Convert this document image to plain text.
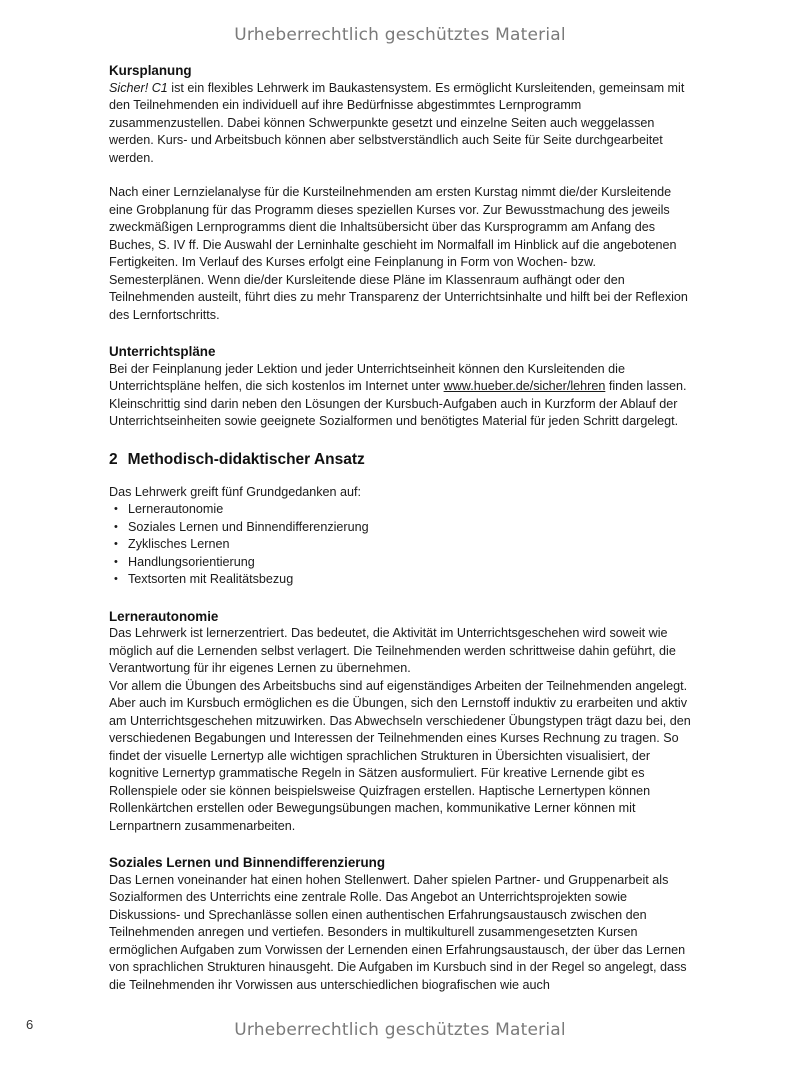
Urheberrechtlich geschütztes Material
Kursplanung

Sicher! C1 ist ein flexibles Lehrwerk im Baukastensystem. Es ermöglicht Kursleitenden, gemeinsam mit den Teilnehmenden ein individuell auf ihre Bedürfnisse abgestimmtes Lernprogramm zusammenzustellen. Dabei können Schwerpunkte gesetzt und einzelne Seiten auch weggelassen werden. Kurs- und Arbeitsbuch können aber selbstverständlich auch Seite für Seite durchgearbeitet werden.

Nach einer Lernzielanalyse für die Kursteilnehmenden am ersten Kurstag nimmt die/der Kursleitende eine Grobplanung für das Programm dieses speziellen Kurses vor. Zur Bewusstmachung des jeweils zweckmäßigen Lernprogramms dient die Inhaltsübersicht über das Kursprogramm am Anfang des Buches, S. IV ff. Die Auswahl der Lerninhalte geschieht im Normalfall im Hinblick auf die angebotenen Fertigkeiten. Im Verlauf des Kurses erfolgt eine Feinplanung in Form von Wochen- bzw. Semesterplänen. Wenn die/der Kursleitende diese Pläne im Klassenraum aufhängt oder den Teilnehmenden austeilt, führt dies zu mehr Transparenz der Unterrichtsinhalte und hilft bei der Reflexion des Lernfortschritts.

Unterrichtspläne

Bei der Feinplanung jeder Lektion und jeder Unterrichtseinheit können den Kursleitenden die Unterrichtspläne helfen, die sich kostenlos im Internet unter www.hueber.de/sicher/lehren finden lassen. Kleinschrittig sind darin neben den Lösungen der Kursbuch-Aufgaben auch in Kurzform der Ablauf der Unterrichtseinheiten sowie geeignete Sozialformen und benötigtes Material für jeden Schritt dargelegt.

2 Methodisch-didaktischer Ansatz

Das Lehrwerk greift fünf Grundgedanken auf:

• Lernerautonomie
• Soziales Lernen und Binnendifferenzierung
• Zyklisches Lernen
• Handlungsorientierung
• Textsorten mit Realitätsbezug
Lernerautonomie

Das Lehrwerk ist lernerzentriert. Das bedeutet, die Aktivität im Unterrichtsgeschehen wird soweit wie möglich auf die Lernenden selbst verlagert. Die Teilnehmenden werden schrittweise dahin geführt, die Verantwortung für ihr eigenes Lernen zu übernehmen.

Vor allem die Übungen des Arbeitsbuchs sind auf eigenständiges Arbeiten der Teilnehmenden angelegt. Aber auch im Kursbuch ermöglichen es die Übungen, sich den Lernstoff induktiv zu erarbeiten und aktiv am Unterrichtsgeschehen mitzuwirken. Das Abwechseln verschiedener Übungstypen trägt dazu bei, den verschiedenen Begabungen und Interessen der Teilnehmenden eines Kurses Rechnung zu tragen. So findet der visuelle Lernertyp alle wichtigen sprachlichen Strukturen in Übersichten visualisiert, der kognitive Lernertyp grammatische Regeln in Sätzen ausformuliert. Für kreative Lernende gibt es Rollenspiele oder sie können beispielsweise Quizfragen erstellen. Haptische Lernertypen können Rollenkärtchen erstellen oder Bewegungsübungen machen, kommunikative Lerner können mit Lernpartnern zusammenarbeiten.

Soziales Lernen und Binnendifferenzierung

Das Lernen voneinander hat einen hohen Stellenwert. Daher spielen Partner- und Gruppenarbeit als Sozialformen des Unterrichts eine zentrale Rolle. Das Angebot an Unterrichtsprojekten sowie Diskussions- und Sprechanlässe sollen einen authentischen Erfahrungsaustausch zwischen den Teilnehmenden anregen und vertiefen. Besonders in multikulturell zusammengesetzten Kursen ermöglichen Aufgaben zum Vorwissen der Lernenden einen Erfahrungsaustausch, der über das Lernen von sprachlichen Strukturen hinausgeht. Die Aufgaben im Kursbuch sind in der Regel so angelegt, dass die Teilnehmenden ihr Vorwissen aus unterschiedlichen biografischen wie auch

6	Urheberrechtlich geschütztes Material
